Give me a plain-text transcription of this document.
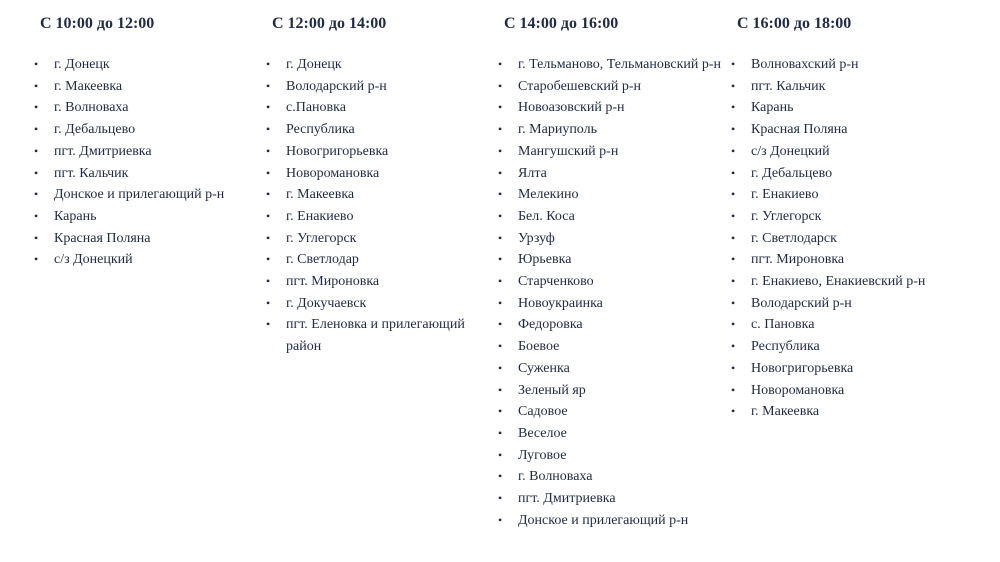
С 10:00 до 12:00
• г. Донецк
• г. Макеевка
• г. Волноваха
• г. Дебальцево
• пгт. Дмитриевка
• пгт. Кальчик
• Донское и прилегающий р-н
• Карань
• Красная Поляна
• с/з Донецкий
С 12:00 до 14:00
• г. Донецк
• Володарский р-н
• с.Пановка
• Республика
• Новогригорьевка
• Новоромановка
• г. Макеевка
• г. Енакиево
• г. Углегорск
• г. Светлодар
• пгт. Мироновка
• г. Докучаевск
• пгт. Еленовка и прилегающий район
С 14:00 до 16:00
• г. Тельманово, Тельмановский р-н
• Старобешевский р-н
• Новоазовский р-н
• г. Мариуполь
• Мангушский р-н
• Ялта
• Мелекино
• Бел. Коса
• Урзуф
• Юрьевка
• Старченково
• Новоукраинка
• Федоровка
• Боевое
• Суженка
• Зеленый яр
• Садовое
• Веселое
• Луговое
• г. Волноваха
• пгт. Дмитриевка
• Донское и прилегающий р-н
С 16:00 до 18:00
• Волновахский р-н
• пгт. Кальчик
• Карань
• Красная Поляна
• с/з Донецкий
• г. Дебальцево
• г. Енакиево
• г. Углегорск
• г. Светлодарск
• пгт. Мироновка
• г. Енакиево, Енакиевский р-н
• Володарский р-н
• с. Пановка
• Республика
• Новогригорьевка
• Новоромановка
• г. Макеевка
